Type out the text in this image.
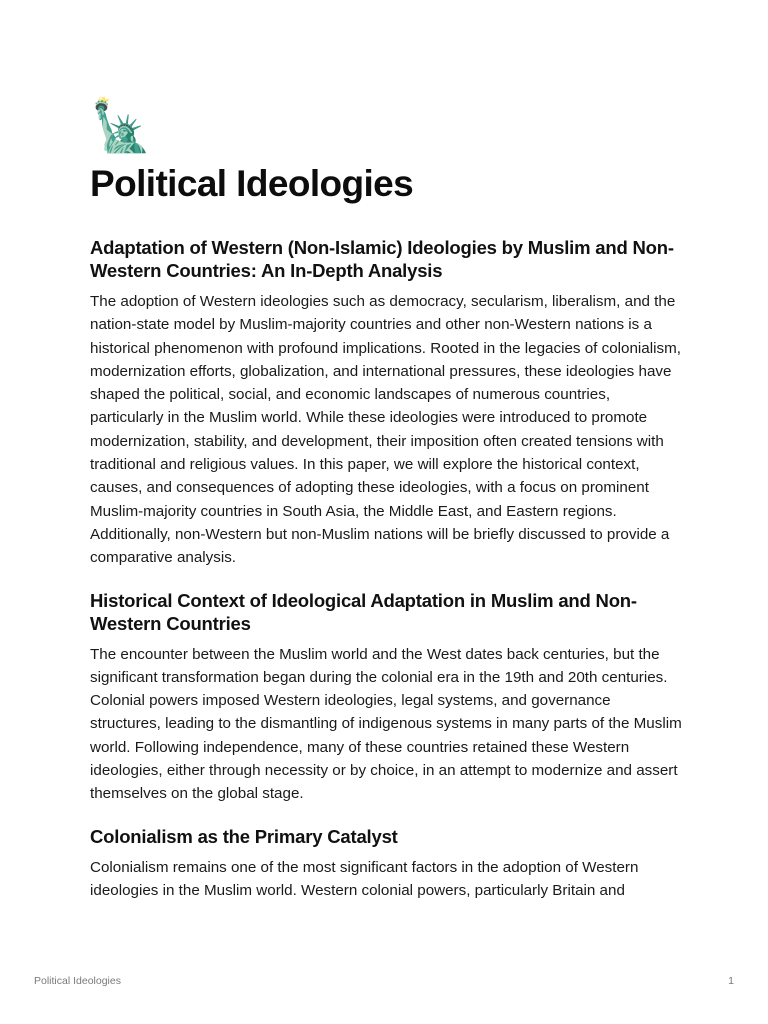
🗽
Political Ideologies
Adaptation of Western (Non-Islamic) Ideologies by Muslim and Non-Western Countries: An In-Depth Analysis

The adoption of Western ideologies such as democracy, secularism, liberalism, and the nation-state model by Muslim-majority countries and other non-Western nations is a historical phenomenon with profound implications. Rooted in the legacies of colonialism, modernization efforts, globalization, and international pressures, these ideologies have shaped the political, social, and economic landscapes of numerous countries, particularly in the Muslim world. While these ideologies were introduced to promote modernization, stability, and development, their imposition often created tensions with traditional and religious values. In this paper, we will explore the historical context, causes, and consequences of adopting these ideologies, with a focus on prominent Muslim-majority countries in South Asia, the Middle East, and Eastern regions. Additionally, non-Western but non-Muslim nations will be briefly discussed to provide a comparative analysis.

Historical Context of Ideological Adaptation in Muslim and Non-Western Countries

The encounter between the Muslim world and the West dates back centuries, but the significant transformation began during the colonial era in the 19th and 20th centuries. Colonial powers imposed Western ideologies, legal systems, and governance structures, leading to the dismantling of indigenous systems in many parts of the Muslim world. Following independence, many of these countries retained these Western ideologies, either through necessity or by choice, in an attempt to modernize and assert themselves on the global stage.

Colonialism as the Primary Catalyst

Colonialism remains one of the most significant factors in the adoption of Western ideologies in the Muslim world. Western colonial powers, particularly Britain and

Political Ideologies	1
